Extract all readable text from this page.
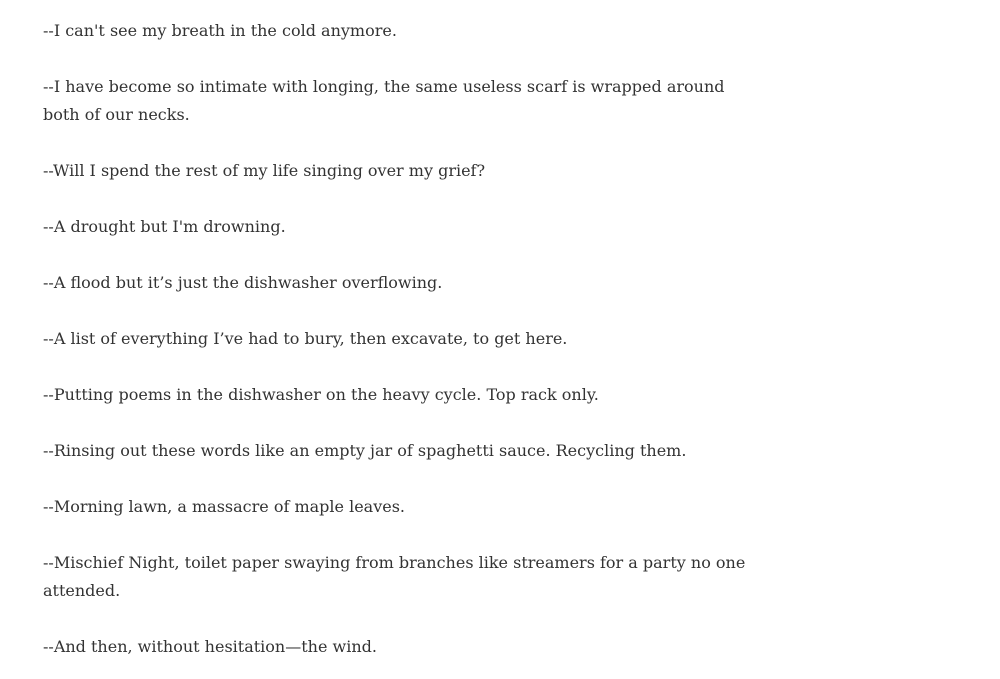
--I can't see my breath in the cold anymore.

--I have become so intimate with longing, the same useless scarf is wrapped around both of our necks.

--Will I spend the rest of my life singing over my grief?

--A drought but I'm drowning.

--A flood but it’s just the dishwasher overflowing.

--A list of everything I’ve had to bury, then excavate, to get here.

--Putting poems in the dishwasher on the heavy cycle. Top rack only.

--Rinsing out these words like an empty jar of spaghetti sauce. Recycling them.

--Morning lawn, a massacre of maple leaves.

--Mischief Night, toilet paper swaying from branches like streamers for a party no one attended.

--And then, without hesitation—the wind.
